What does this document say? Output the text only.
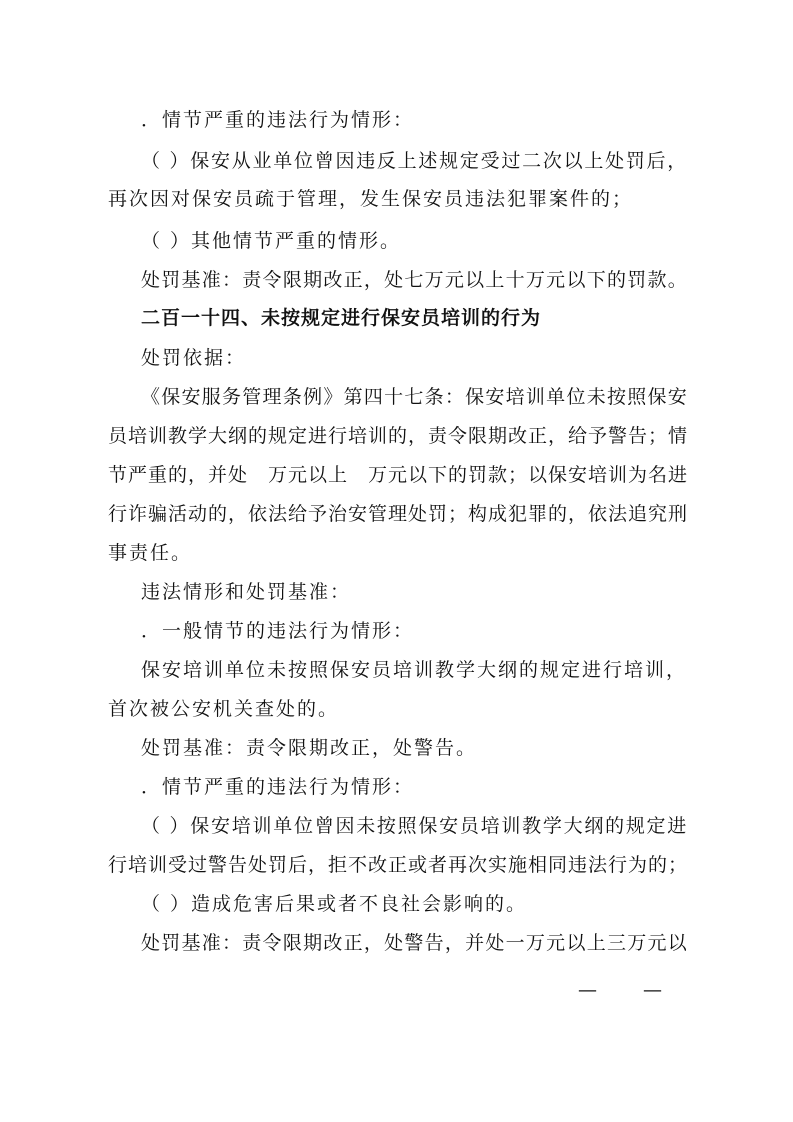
．情节严重的违法行为情形：
（ ）保安从业单位曾因违反上述规定受过二次以上处罚后，
再次因对保安员疏于管理，发生保安员违法犯罪案件的；
（ ）其他情节严重的情形。
处罚基准：责令限期改正，处七万元以上十万元以下的罚款。
二百一十四、未按规定进行保安员培训的行为
处罚依据：
《保安服务管理条例》第四十七条：保安培训单位未按照保安
员培训教学大纲的规定进行培训的，责令限期改正，给予警告；情
节严重的，并处　万元以上　万元以下的罚款；以保安培训为名进
行诈骗活动的，依法给予治安管理处罚；构成犯罪的，依法追究刑
事责任。
违法情形和处罚基准：
．一般情节的违法行为情形：
保安培训单位未按照保安员培训教学大纲的规定进行培训，
首次被公安机关查处的。
处罚基准：责令限期改正，处警告。
．情节严重的违法行为情形：
（ ）保安培训单位曾因未按照保安员培训教学大纲的规定进
行培训受过警告处罚后，拒不改正或者再次实施相同违法行为的；
（ ）造成危害后果或者不良社会影响的。
处罚基准：责令限期改正，处警告，并处一万元以上三万元以
— —
